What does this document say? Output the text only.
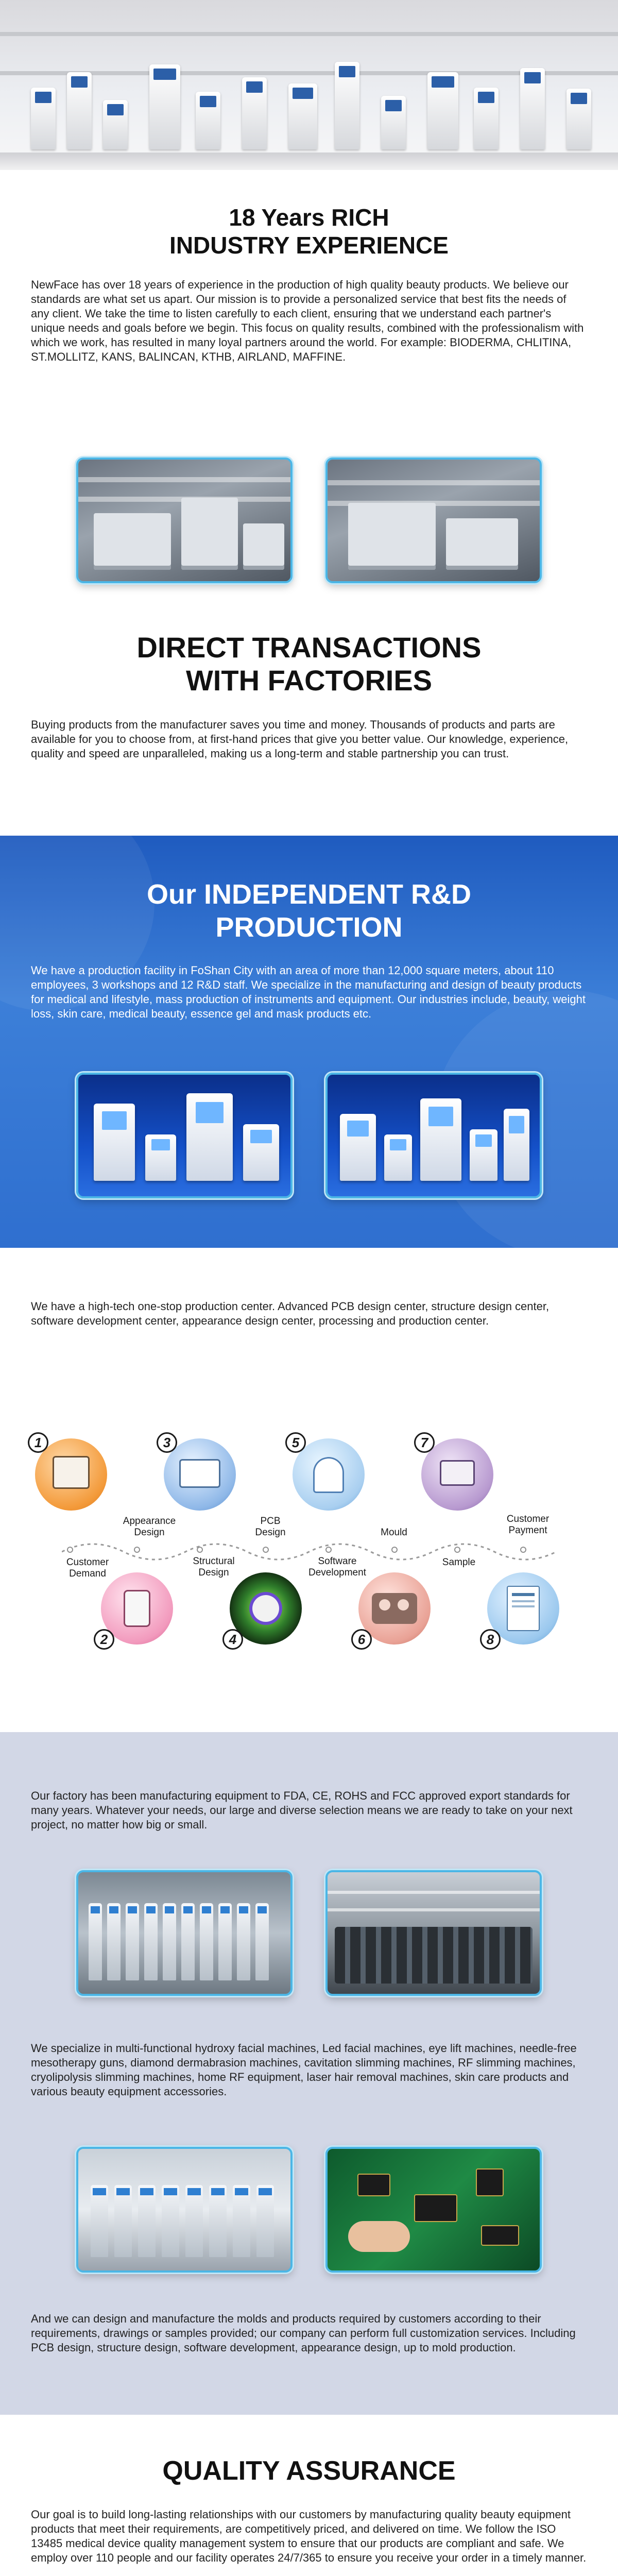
18 Years RICH
INDUSTRY EXPERIENCE

NewFace has over 18 years of experience in the production of high quality beauty products. We believe our standards are what set us apart. Our mission is to provide a personalized service that best fits the needs of any client. We take the time to listen carefully to each client, ensuring that we understand each partner's unique needs and goals before we begin. This focus on quality results, combined with the professionalism with which we work, has resulted in many loyal partners around the world. For example: BIODERMA, CHLITINA, ST.MOLLITZ, KANS, BALINCAN, KTHB, AIRLAND, MAFFINE.

DIRECT TRANSACTIONS
WITH FACTORIES

Buying products from the manufacturer saves you time and money. Thousands of products and parts are available for you to choose from, at first-hand prices that give you better value. Our knowledge, experience, quality and speed are unparalleled, making us a long-term and stable partnership you can trust.

Our INDEPENDENT R&D
PRODUCTION

We have a production facility in FoShan City with an area of more than 12,000 square meters, about 110 employees, 3 workshops and 12 R&D staff. We specialize in the manufacturing and design of beauty products for medical and lifestyle, mass production of instruments and equipment. Our industries include, beauty, weight loss, skin care, medical beauty, essence gel and mask products etc.

We have a high-tech one-stop production center. Advanced PCB design center, structure design center, software development center, appearance design center, processing and production center.

1	3	5	7
2	4	6	8
Customer
Demand
Appearance
Design
Structural
Design
PCB
Design
Software
Development
Mould
Sample
Customer
Payment

Our factory has been manufacturing equipment to FDA, CE, ROHS and FCC approved export standards for many years. Whatever your needs, our large and diverse selection means we are ready to take on your next project, no matter how big or small.

We specialize in multi-functional hydroxy facial machines, Led facial machines, eye lift machines, needle-free mesotherapy guns, diamond dermabrasion machines, cavitation slimming machines, RF slimming machines, cryolipolysis slimming machines, home RF equipment, laser hair removal machines, skin care products and various beauty equipment accessories.

And we can design and manufacture the molds and products required by customers according to their requirements, drawings or samples provided; our company can perform full customization services. Including PCB design, structure design, software development, appearance design, up to mold production.

QUALITY ASSURANCE

Our goal is to build long-lasting relationships with our customers by manufacturing quality beauty equipment products that meet their requirements, are competitively priced, and delivered on time. We follow the ISO 13485 medical device quality management system to ensure that our products are compliant and safe. We employ over 110 people and our facility operates 24/7/365 to ensure you receive your order in a timely manner.
